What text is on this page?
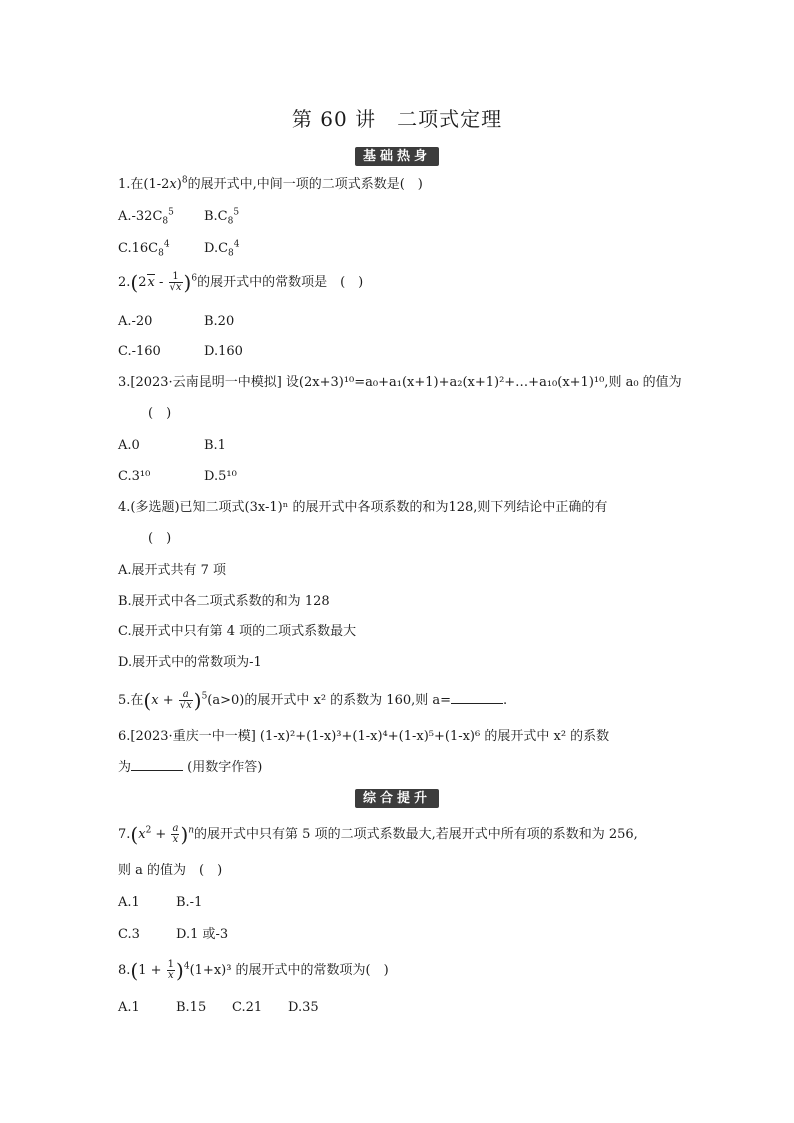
第 60 讲　二项式定理
基础热身
1.在$(1-2x)^8$的展开式中,中间一项的二项式系数是(　)
$A.-32C_8^5$ $B.C_8^5$
$C.16C_8^4$	$D.C_8^4$
$2.(2x - \frac{1}{√x} )^6$的展开式中的常数项是　(　)
A.-20	B.20
C.-160	D.160
3.[2023·云南昆明一中模拟] 设(2x+3)¹⁰=a₀+a₁(x+1)+a₂(x+1)²+…+a₁₀(x+1)¹⁰,则 a₀ 的值为
(　)
A.0	B.1
C.3¹⁰	D.5¹⁰
4.(多选题)已知二项式(3x-1)ⁿ 的展开式中各项系数的和为128,则下列结论中正确的有
(　)
A.展开式共有 7 项
B.展开式中各二项式系数的和为 128
C.展开式中只有第 4 项的二项式系数最大
D.展开式中的常数项为-1
5.在$(x + \frac{a}{√x} )^5(a>0)$的展开式中 x² 的系数为 160,则 a=	.
6.[2023·重庆一中一模] (1-x)²+(1-x)³+(1-x)⁴+(1-x)⁵+(1-x)⁶ 的展开式中 x² 的系数
为	(用数字作答)
综合提升
$7.(x^2 + \frac{a}{x} )^n$的展开式中只有第 5 项的二项式系数最大,若展开式中所有项的系数和为 256,
则 a 的值为　(　)
A.1	B.-1
C.3	D.1 或-3
$8.(1 + \frac{1}{x} )^4(1+x)^3$ 的展开式中的常数项为(　)
A.1	B.15 C.21 D.35
